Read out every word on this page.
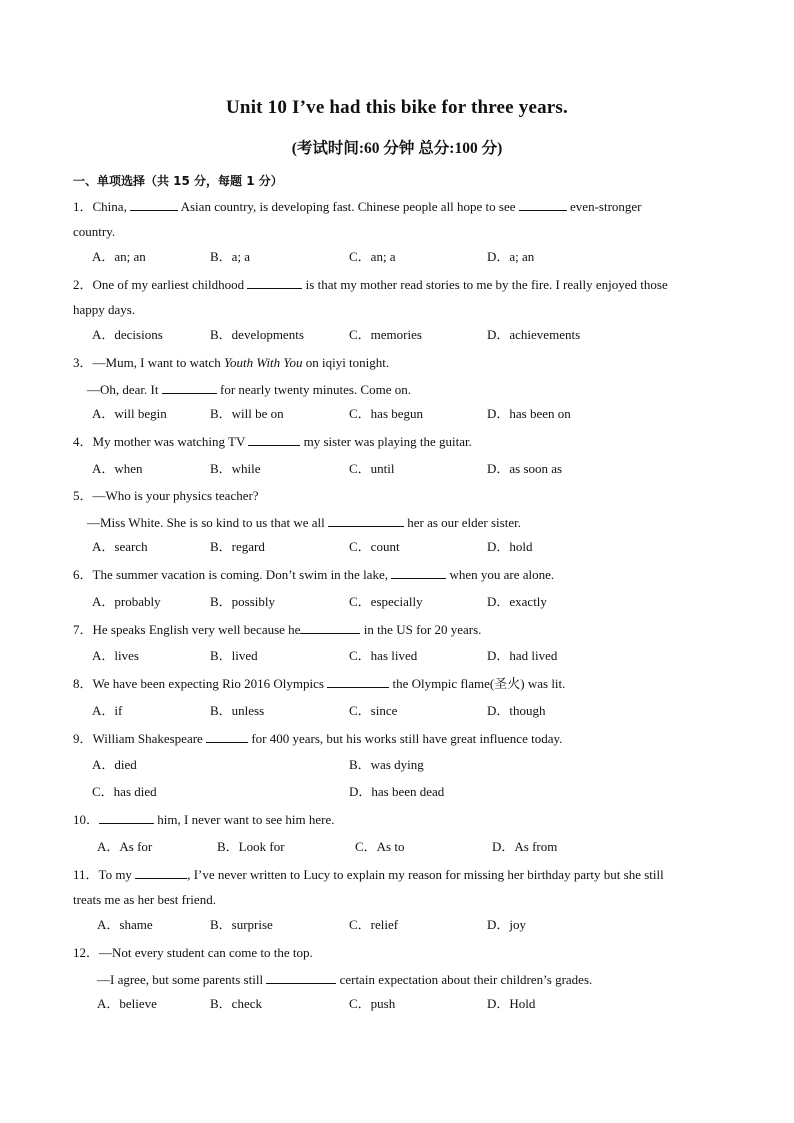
Unit 10 I’ve had this bike for three years.
(考试时间:60 分钟 总分:100 分)
一、单项选择（共 15 分，每题 1 分）
1．China,	Asian country, is developing fast. Chinese people all hope to see	even-stronger
country.
A．an; an	B．a; a	C．an; a	D．a; an
2．One of my earliest childhood	is that my mother read stories to me by the fire. I really enjoyed those
happy days.
A．decisions	B．developments	C．memories	D．achievements
3．—Mum, I want to watch Youth With You on iqiyi tonight.
—Oh, dear. It	for nearly twenty minutes. Come on.
A．will begin	B．will be on	C．has begun	D．has been on
4．My mother was watching TV	my sister was playing the guitar.
A．when	B．while	C．until	D．as soon as
5．—Who is your physics teacher?
—Miss White. She is so kind to us that we all	her as our elder sister.
A．search	B．regard	C．count	D．hold
6．The summer vacation is coming. Don’t swim in the lake,	when you are alone.
A．probably	B．possibly	C．especially	D．exactly
7．He speaks English very well because he	in the US for 20 years.
A．lives	B．lived	C．has lived	D．had lived
8．We have been expecting Rio 2016 Olympics	the Olympic flame(圣火) was lit.
A．if	B．unless	C．since	D．though
9．William Shakespeare	for 400 years, but his works still have great influence today.
A．died	B．was dying
C．has died	D．has been dead
10．	him, I never want to see him here.
A．As for	B．Look for	C．As to	D．As from
11．To my	, I’ve never written to Lucy to explain my reason for missing her birthday party but she still
treats me as her best friend.
A．shame	B．surprise	C．relief	D．joy
12．—Not every student can come to the top.
—I agree, but some parents still	certain expectation about their children’s grades.
A．believe	B．check	C．push	D．Hold
